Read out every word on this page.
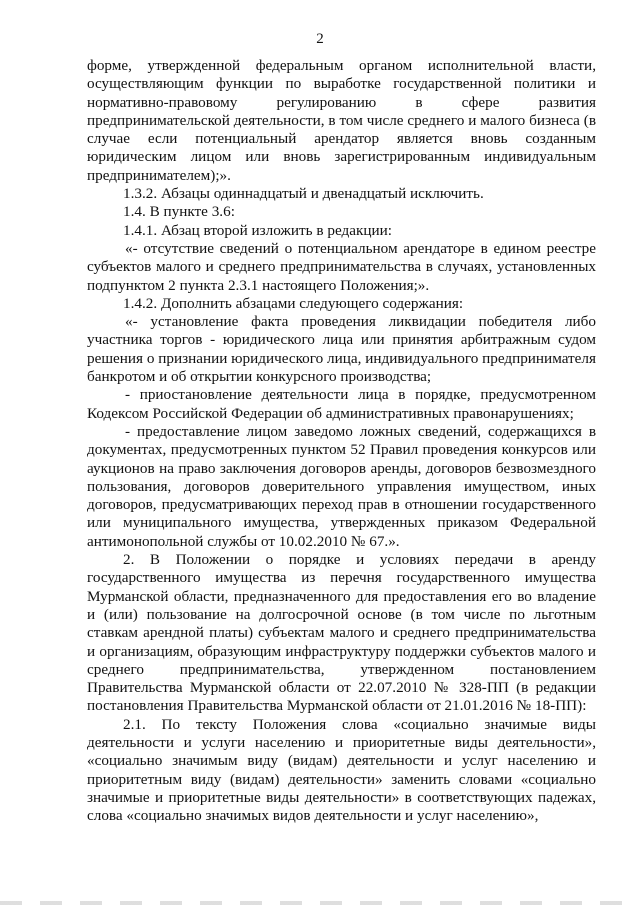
2

форме, утвержденной федеральным органом исполнительной власти, осуществляющим функции по выработке государственной политики и нормативно-правовому регулированию в сфере развития предпринимательской деятельности, в том числе среднего и малого бизнеса (в случае если потенциальный арендатор является вновь созданным юридическим лицом или вновь зарегистрированным индивидуальным предпринимателем);».

1.3.2. Абзацы одиннадцатый и двенадцатый исключить.

1.4. В пункте 3.6:

1.4.1. Абзац второй изложить в редакции:

«- отсутствие сведений о потенциальном арендаторе в едином реестре субъектов малого и среднего предпринимательства в случаях, установленных подпунктом 2 пункта 2.3.1 настоящего Положения;».

1.4.2. Дополнить абзацами следующего содержания:

«- установление факта проведения ликвидации победителя либо участника торгов - юридического лица или принятия арбитражным судом решения о признании юридического лица, индивидуального предпринимателя банкротом и об открытии конкурсного производства;

- приостановление деятельности лица в порядке, предусмотренном Кодексом Российской Федерации об административных правонарушениях;

- предоставление лицом заведомо ложных сведений, содержащихся в документах, предусмотренных пунктом 52 Правил проведения конкурсов или аукционов на право заключения договоров аренды, договоров безвозмездного пользования, договоров доверительного управления имуществом, иных договоров, предусматривающих переход прав в отношении государственного или муниципального имущества, утвержденных приказом Федеральной антимонопольной службы от 10.02.2010 № 67.».

2. В Положении о порядке и условиях передачи в аренду государственного имущества из перечня государственного имущества Мурманской области, предназначенного для предоставления его во владение и (или) пользование на долгосрочной основе (в том числе по льготным ставкам арендной платы) субъектам малого и среднего предпринимательства и организациям, образующим инфраструктуру поддержки субъектов малого и среднего предпринимательства, утвержденном постановлением Правительства Мурманской области от 22.07.2010 № 328-ПП (в редакции постановления Правительства Мурманской области от 21.01.2016 № 18-ПП):

2.1. По тексту Положения слова «социально значимые виды деятельности и услуги населению и приоритетные виды деятельности», «социально значимым виду (видам) деятельности и услуг населению и приоритетным виду (видам) деятельности» заменить словами «социально значимые и приоритетные виды деятельности» в соответствующих падежах, слова «социально значимых видов деятельности и услуг населению»,
